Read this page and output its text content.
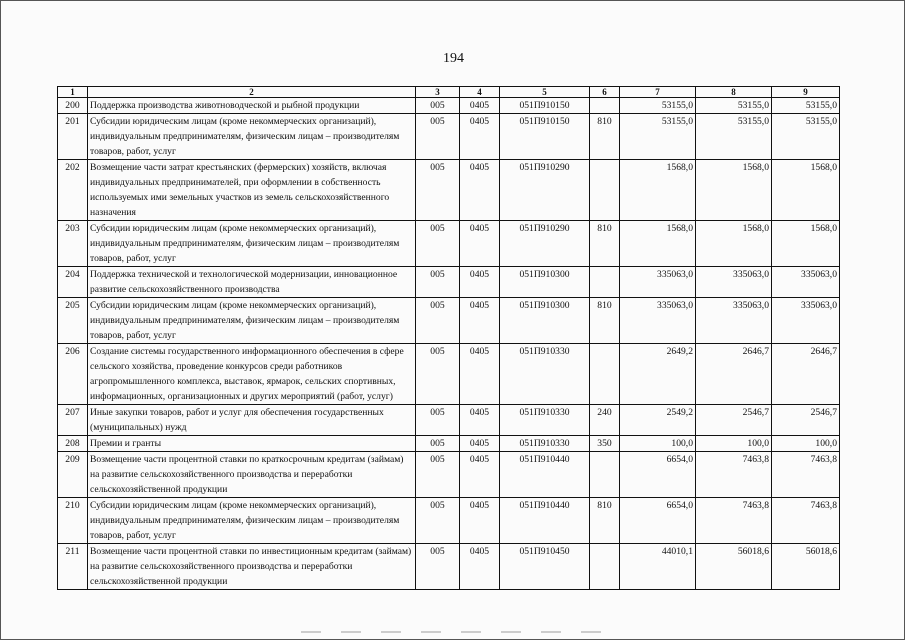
194
1	2	3	4	5	6	7	8	9
200	Поддержка производства животноводческой и рыбной продукции	005	0405	051П910150		53155,0	53155,0	53155,0
201	Субсидии юридическим лицам (кроме некоммерческих организаций), индивидуальным предпринимателям, физическим лицам – производителям товаров, работ, услуг	005	0405	051П910150	810	53155,0	53155,0	53155,0
202	Возмещение части затрат крестьянских (фермерских) хозяйств, включая индивидуальных предпринимателей, при оформлении в собственность используемых ими земельных участков из земель сельскохозяйственного назначения	005	0405	051П910290		1568,0	1568,0	1568,0
203	Субсидии юридическим лицам (кроме некоммерческих организаций), индивидуальным предпринимателям, физическим лицам – производителям товаров, работ, услуг	005	0405	051П910290	810	1568,0	1568,0	1568,0
204	Поддержка технической и технологической модернизации, инновационное развитие сельскохозяйственного производства	005	0405	051П910300		335063,0	335063,0	335063,0
205	Субсидии юридическим лицам (кроме некоммерческих организаций), индивидуальным предпринимателям, физическим лицам – производителям товаров, работ, услуг	005	0405	051П910300	810	335063,0	335063,0	335063,0
206	Создание системы государственного информационного обеспечения в сфере сельского хозяйства, проведение конкурсов среди работников агропромышленного комплекса, выставок, ярмарок, сельских спортивных, информационных, организационных и других мероприятий (работ, услуг)	005	0405	051П910330		2649,2	2646,7	2646,7
207	Иные закупки товаров, работ и услуг для обеспечения государственных (муниципальных) нужд	005	0405	051П910330	240	2549,2	2546,7	2546,7
208	Премии и гранты	005	0405	051П910330	350	100,0	100,0	100,0
209	Возмещение части процентной ставки по краткосрочным кредитам (займам) на развитие сельскохозяйственного производства и переработки сельскохозяйственной продукции	005	0405	051П910440		6654,0	7463,8	7463,8
210	Субсидии юридическим лицам (кроме некоммерческих организаций), индивидуальным предпринимателям, физическим лицам – производителям товаров, работ, услуг	005	0405	051П910440	810	6654,0	7463,8	7463,8
211	Возмещение части процентной ставки по инвестиционным кредитам (займам) на развитие сельскохозяйственного производства и переработки сельскохозяйственной продукции	005	0405	051П910450		44010,1	56018,6	56018,6
